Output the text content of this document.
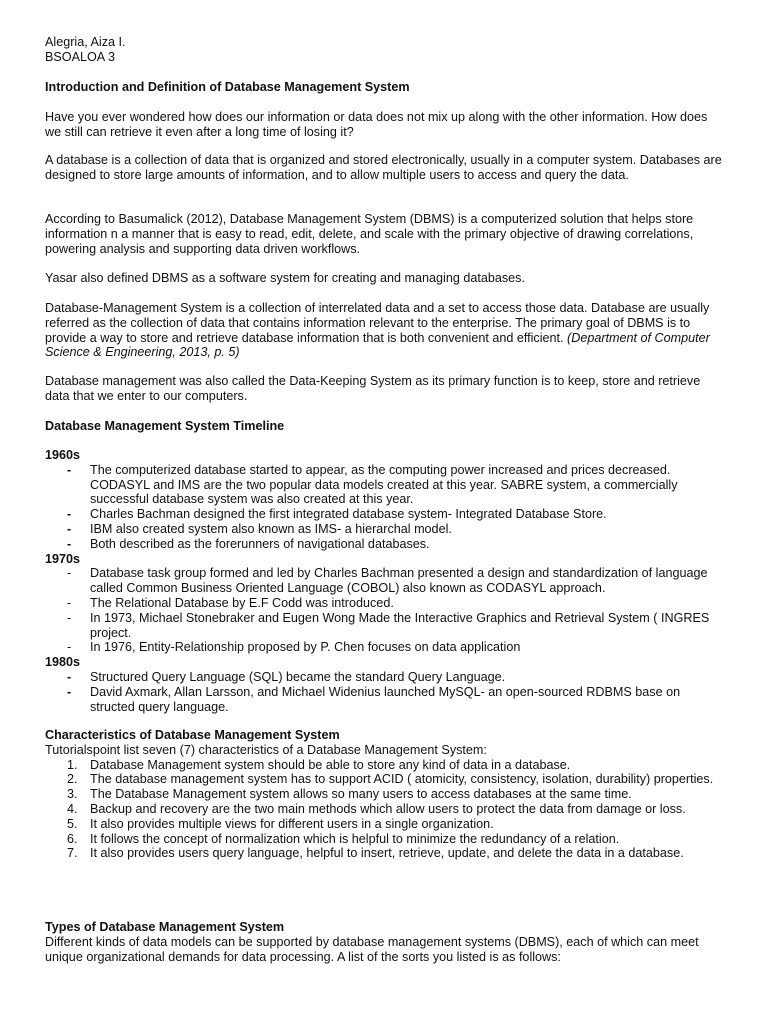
Alegria, Aiza I.
BSOALOA 3
Introduction and Definition of Database Management System

Have you ever wondered how does our information or data does not mix up along with the other information. How does we still can retrieve it even after a long time of losing it?

A database is a collection of data that is organized and stored electronically, usually in a computer system. Databases are designed to store large amounts of information, and to allow multiple users to access and query the data.

According to Basumalick (2012), Database Management System (DBMS) is a computerized solution that helps store information n a manner that is easy to read, edit, delete, and scale with the primary objective of drawing correlations, powering analysis and supporting data driven workflows.

Yasar also defined DBMS as a software system for creating and managing databases.

Database-Management System is a collection of interrelated data and a set to access those data. Database are usually referred as the collection of data that contains information relevant to the enterprise. The primary goal of DBMS is to provide a way to store and retrieve database information that is both convenient and efficient. (Department of Computer Science & Engineering, 2013, p. 5)

Database management was also called the Data-Keeping System as its primary function is to keep, store and retrieve data that we enter to our computers.

Database Management System Timeline
1960s
- The computerized database started to appear, as the computing power increased and prices decreased. CODASYL and IMS are the two popular data models created at this year. SABRE system, a commercially successful database system was also created at this year.
- Charles Bachman designed the first integrated database system- Integrated Database Store.
- IBM also created system also known as IMS- a hierarchal model.
- Both described as the forerunners of navigational databases.
1970s
- Database task group formed and led by Charles Bachman presented a design and standardization of language called Common Business Oriented Language (COBOL) also known as CODASYL approach.
- The Relational Database by E.F Codd was introduced.
- In 1973, Michael Stonebraker and Eugen Wong Made the Interactive Graphics and Retrieval System ( INGRES project.
- In 1976, Entity-Relationship proposed by P. Chen focuses on data application
1980s
- Structured Query Language (SQL) became the standard Query Language.
- David Axmark, Allan Larsson, and Michael Widenius launched MySQL- an open-sourced RDBMS base on structed query language.
Characteristics of Database Management System
Tutorialspoint list seven (7) characteristics of a Database Management System:
1. Database Management system should be able to store any kind of data in a database.
2. The database management system has to support ACID ( atomicity, consistency, isolation, durability) properties.
3. The Database Management system allows so many users to access databases at the same time.
4. Backup and recovery are the two main methods which allow users to protect the data from damage or loss.
5. It also provides multiple views for different users in a single organization.
6. It follows the concept of normalization which is helpful to minimize the redundancy of a relation.
7. It also provides users query language, helpful to insert, retrieve, update, and delete the data in a database.
Types of Database Management System
Different kinds of data models can be supported by database management systems (DBMS), each of which can meet unique organizational demands for data processing. A list of the sorts you listed is as follows:
